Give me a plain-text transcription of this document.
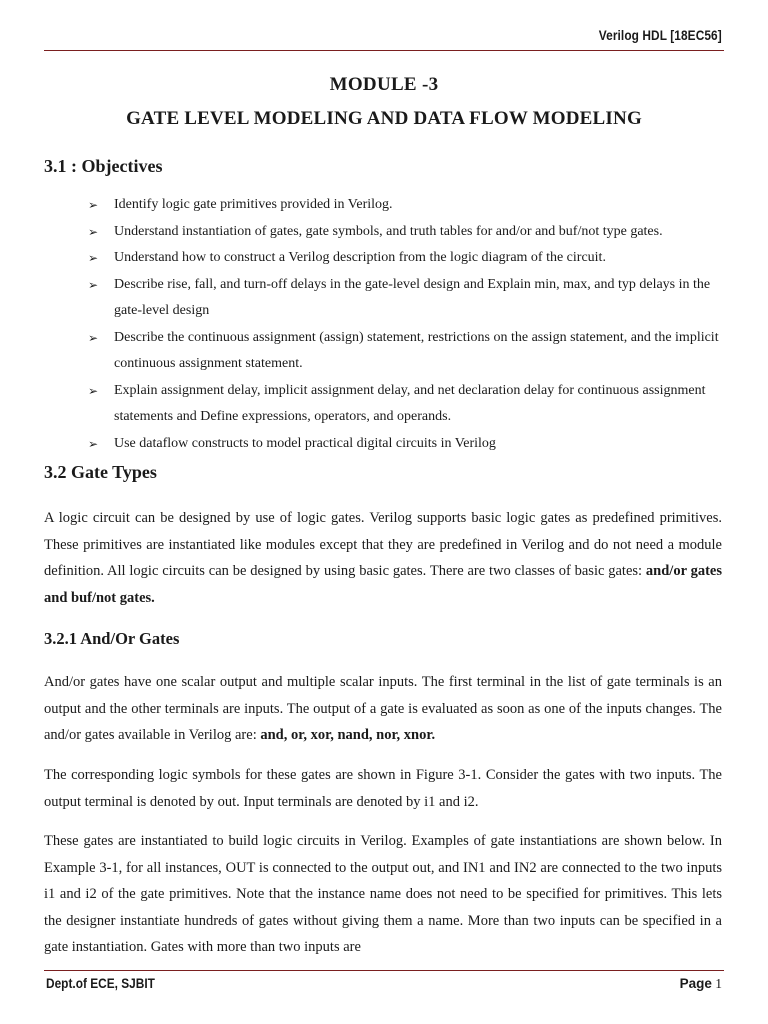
Verilog HDL [18EC56]
MODULE -3
GATE LEVEL MODELING AND DATA FLOW MODELING
3.1 : Objectives
➢ Identify logic gate primitives provided in Verilog.
➢ Understand instantiation of gates, gate symbols, and truth tables for and/or and buf/not type gates.
➢ Understand how to construct a Verilog description from the logic diagram of the circuit.
➢ Describe rise, fall, and turn-off delays in the gate-level design and Explain min, max, and typ delays in the gate-level design
➢ Describe the continuous assignment (assign) statement, restrictions on the assign statement, and the implicit continuous assignment statement.
➢ Explain assignment delay, implicit assignment delay, and net declaration delay for continuous assignment statements and Define expressions, operators, and operands.
➢ Use dataflow constructs to model practical digital circuits in Verilog
3.2 Gate Types

A logic circuit can be designed by use of logic gates. Verilog supports basic logic gates as predefined primitives. These primitives are instantiated like modules except that they are predefined in Verilog and do not need a module definition. All logic circuits can be designed by using basic gates. There are two classes of basic gates: and/or gates and buf/not gates.

3.2.1 And/Or Gates

And/or gates have one scalar output and multiple scalar inputs. The first terminal in the list of gate terminals is an output and the other terminals are inputs. The output of a gate is evaluated as soon as one of the inputs changes. The and/or gates available in Verilog are: and, or, xor, nand, nor, xnor.

The corresponding logic symbols for these gates are shown in Figure 3-1. Consider the gates with two inputs. The output terminal is denoted by out. Input terminals are denoted by i1 and i2.

These gates are instantiated to build logic circuits in Verilog. Examples of gate instantiations are shown below. In Example 3-1, for all instances, OUT is connected to the output out, and IN1 and IN2 are connected to the two inputs i1 and i2 of the gate primitives. Note that the instance name does not need to be specified for primitives. This lets the designer instantiate hundreds of gates without giving them a name. More than two inputs can be specified in a gate instantiation. Gates with more than two inputs are

Dept.of ECE, SJBIT	Page 1
